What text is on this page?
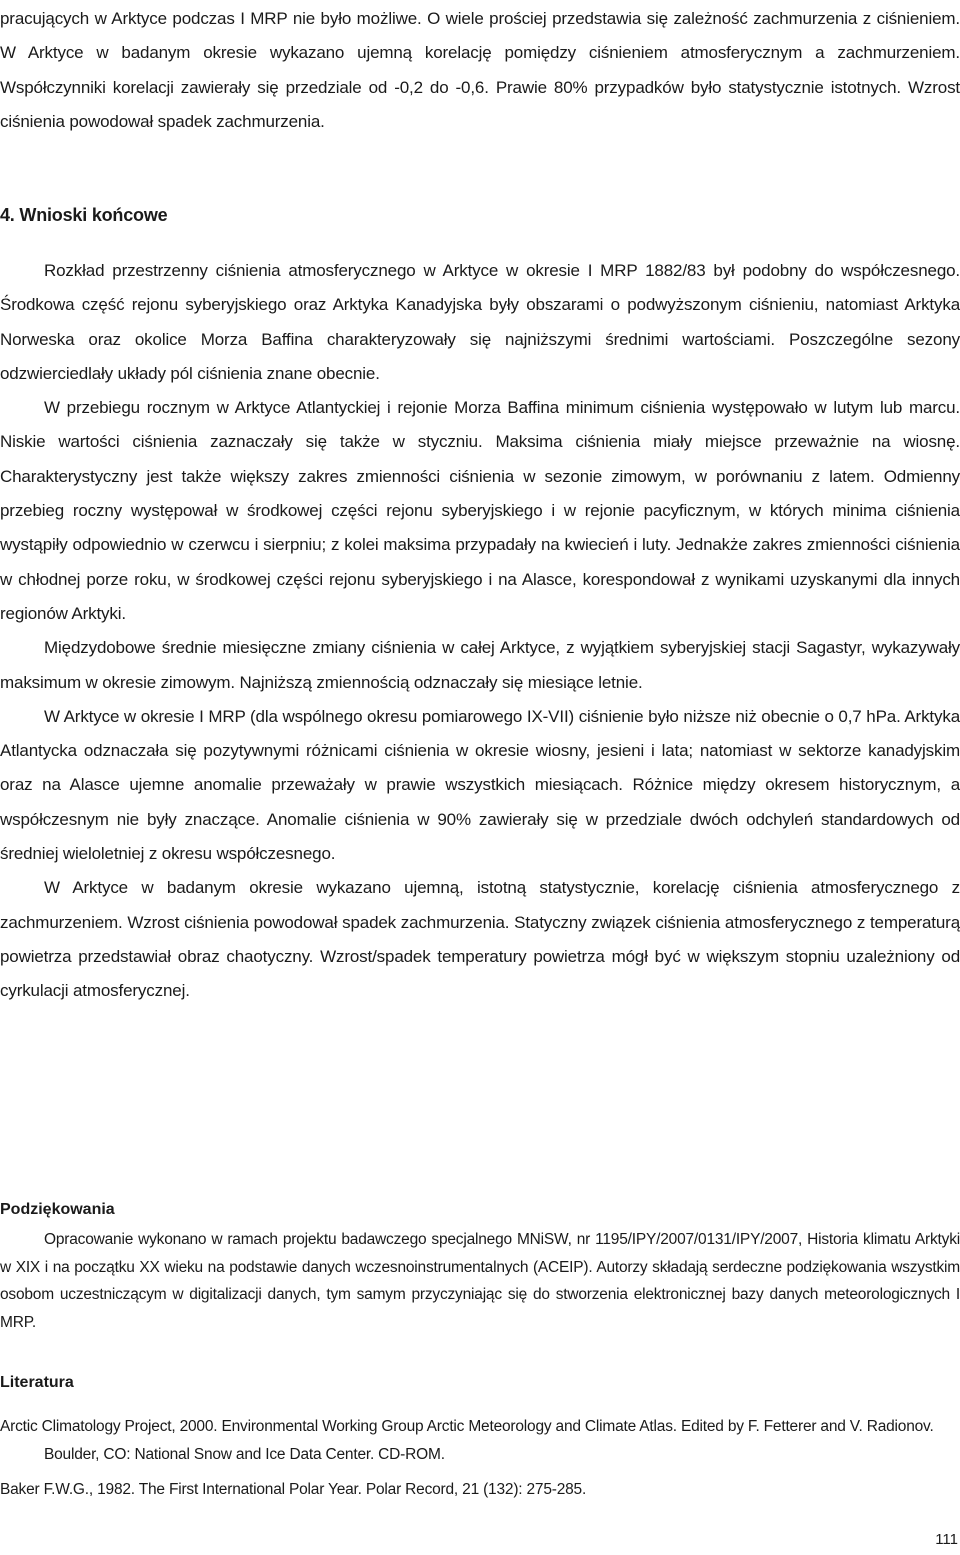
pracujących w Arktyce podczas I MRP nie było możliwe. O wiele prościej przedstawia się zależność zachmurzenia z ciśnieniem. W Arktyce w badanym okresie wykazano ujemną korelację pomiędzy ciśnieniem atmosferycznym a zachmurzeniem. Współczynniki korelacji zawierały się przedziale od -0,2 do -0,6. Prawie 80% przypadków było statystycznie istotnych. Wzrost ciśnienia powodował spadek zachmurzenia.

4. Wnioski końcowe

Rozkład przestrzenny ciśnienia atmosferycznego w Arktyce w okresie I MRP 1882/83 był podobny do współczesnego. Środkowa część rejonu syberyjskiego oraz Arktyka Kanadyjska były obszarami o podwyższonym ciśnieniu, natomiast Arktyka Norweska oraz okolice Morza Baffina charakteryzowały się najniższymi średnimi wartościami. Poszczególne sezony odzwierciedlały układy pól ciśnienia znane obecnie.

W przebiegu rocznym w Arktyce Atlantyckiej i rejonie Morza Baffina minimum ciśnienia występowało w lutym lub marcu. Niskie wartości ciśnienia zaznaczały się także w styczniu. Maksima ciśnienia miały miejsce przeważnie na wiosnę. Charakterystyczny jest także większy zakres zmienności ciśnienia w sezonie zimowym, w porównaniu z latem. Odmienny przebieg roczny występował w środkowej części rejonu syberyjskiego i w rejonie pacyficznym, w których minima ciśnienia wystąpiły odpowiednio w czerwcu i sierpniu; z kolei maksima przypadały na kwiecień i luty. Jednakże zakres zmienności ciśnienia w chłodnej porze roku, w środkowej części rejonu syberyjskiego i na Alasce, korespondował z wynikami uzyskanymi dla innych regionów Arktyki.

Międzydobowe średnie miesięczne zmiany ciśnienia w całej Arktyce, z wyjątkiem syberyjskiej stacji Sagastyr, wykazywały maksimum w okresie zimowym. Najniższą zmiennością odznaczały się miesiące letnie.

W Arktyce w okresie I MRP (dla wspólnego okresu pomiarowego IX-VII) ciśnienie było niższe niż obecnie o 0,7 hPa. Arktyka Atlantycka odznaczała się pozytywnymi różnicami ciśnienia w okresie wiosny, jesieni i lata; natomiast w sektorze kanadyjskim oraz na Alasce ujemne anomalie przeważały w prawie wszystkich miesiącach. Różnice między okresem historycznym, a współczesnym nie były znaczące. Anomalie ciśnienia w 90% zawierały się w przedziale dwóch odchyleń standardowych od średniej wieloletniej z okresu współczesnego.

W Arktyce w badanym okresie wykazano ujemną, istotną statystycznie, korelację ciśnienia atmosferycznego z zachmurzeniem. Wzrost ciśnienia powodował spadek zachmurzenia. Statyczny związek ciśnienia atmosferycznego z temperaturą powietrza przedstawiał obraz chaotyczny. Wzrost/spadek temperatury powietrza mógł być w większym stopniu uzależniony od cyrkulacji atmosferycznej.

Podziękowania

Opracowanie wykonano w ramach projektu badawczego specjalnego MNiSW, nr 1195/IPY/2007/0131/IPY/2007, Historia klimatu Arktyki w XIX i na początku XX wieku na podstawie danych wczesnoinstrumentalnych (ACEIP). Autorzy składają serdeczne podziękowania wszystkim osobom uczestniczącym w digitalizacji danych, tym samym przyczyniając się do stworzenia elektronicznej bazy danych meteorologicznych I MRP.

Literatura
Arctic Climatology Project, 2000. Environmental Working Group Arctic Meteorology and Climate Atlas. Edited by F. Fetterer and V. Radionov. Boulder, CO: National Snow and Ice Data Center. CD-ROM.
Baker F.W.G., 1982. The First International Polar Year. Polar Record, 21 (132): 275-285.

111
